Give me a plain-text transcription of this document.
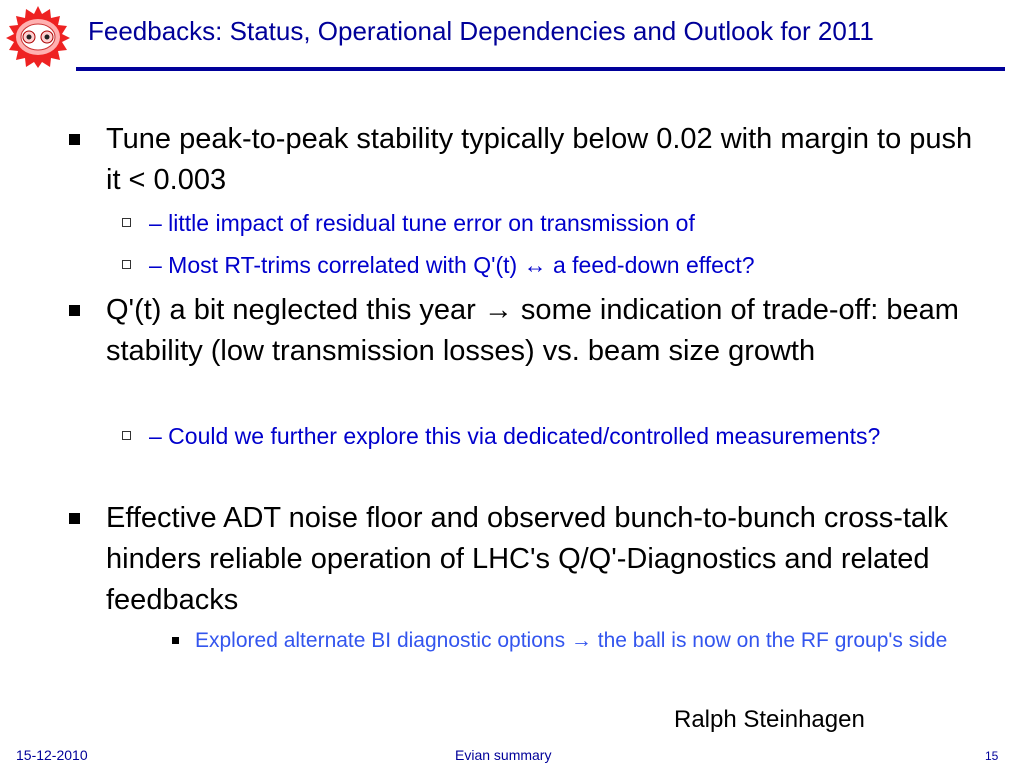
Feedbacks: Status, Operational Dependencies and Outlook for 2011
Tune peak-to-peak stability typically below 0.02 with margin to push it < 0.003
– little impact of residual tune error on transmission of
– Most RT-trims correlated with Q'(t) ↔ a feed-down effect?
Q'(t) a bit neglected this year → some indication of trade-off: beam stability (low transmission losses) vs. beam size growth
– Could we further explore this via dedicated/controlled measurements?
Effective ADT noise floor and observed bunch-to-bunch cross-talk hinders reliable operation of LHC's Q/Q'-Diagnostics and related feedbacks
Explored alternate BI diagnostic options → the ball is now on the RF group's side
Ralph Steinhagen
15-12-2010	Evian summary	15
